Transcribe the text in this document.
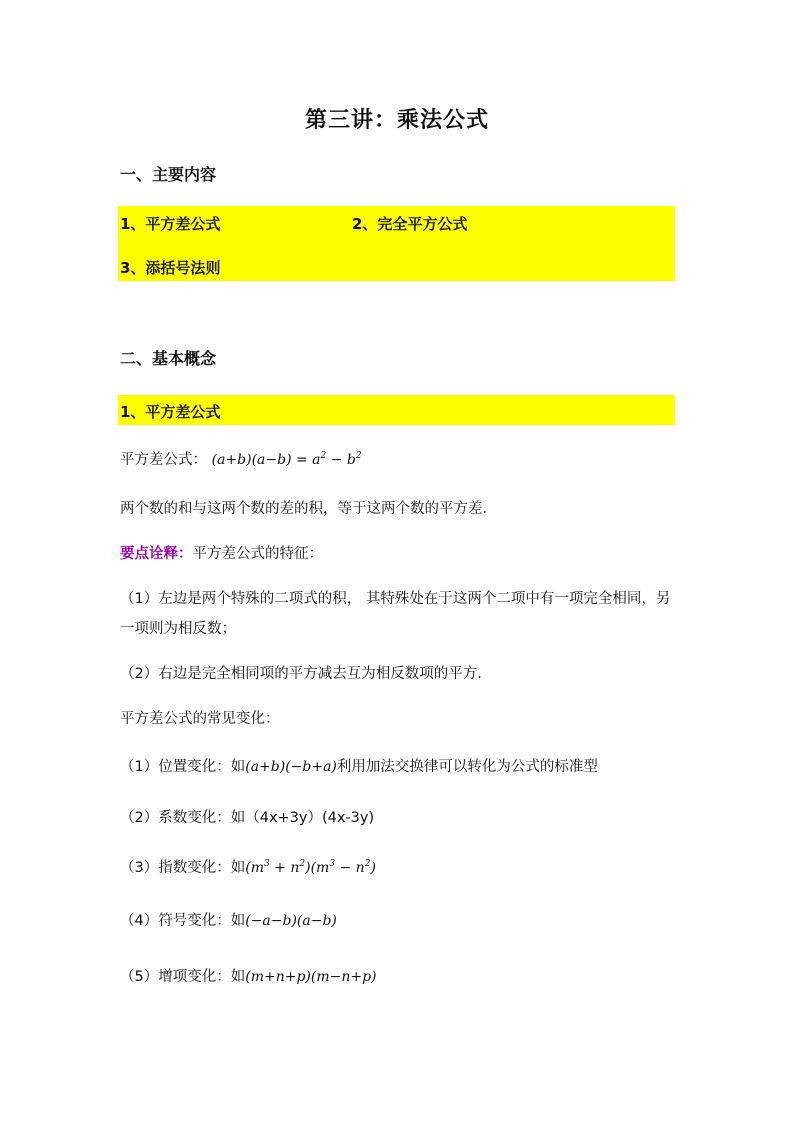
第三讲：乘法公式
一、主要内容
1、平方差公式	2、完全平方公式
3、添括号法则
二、基本概念
1、平方差公式
平方差公式： $(a+b)(a-b) = a^2 - b^2$
两个数的和与这两个数的差的积，等于这两个数的平方差.
要点诠释：平方差公式的特征：
（1）左边是两个特殊的二项式的积， 其特殊处在于这两个二项中有一项完全相同，另一项则为相反数；
（2）右边是完全相同项的平方减去互为相反数项的平方.
平方差公式的常见变化：
（1）位置变化：如(a+b)(−b+a)利用加法交换律可以转化为公式的标准型
（2）系数变化：如（4x+3y）(4x-3y)
（3）指数变化：如$(m^3 + n^2)(m^3 - n^2)$
（4）符号变化：如(−a−b)(a−b)
（5）增项变化：如(m+n+p)(m−n+p)
